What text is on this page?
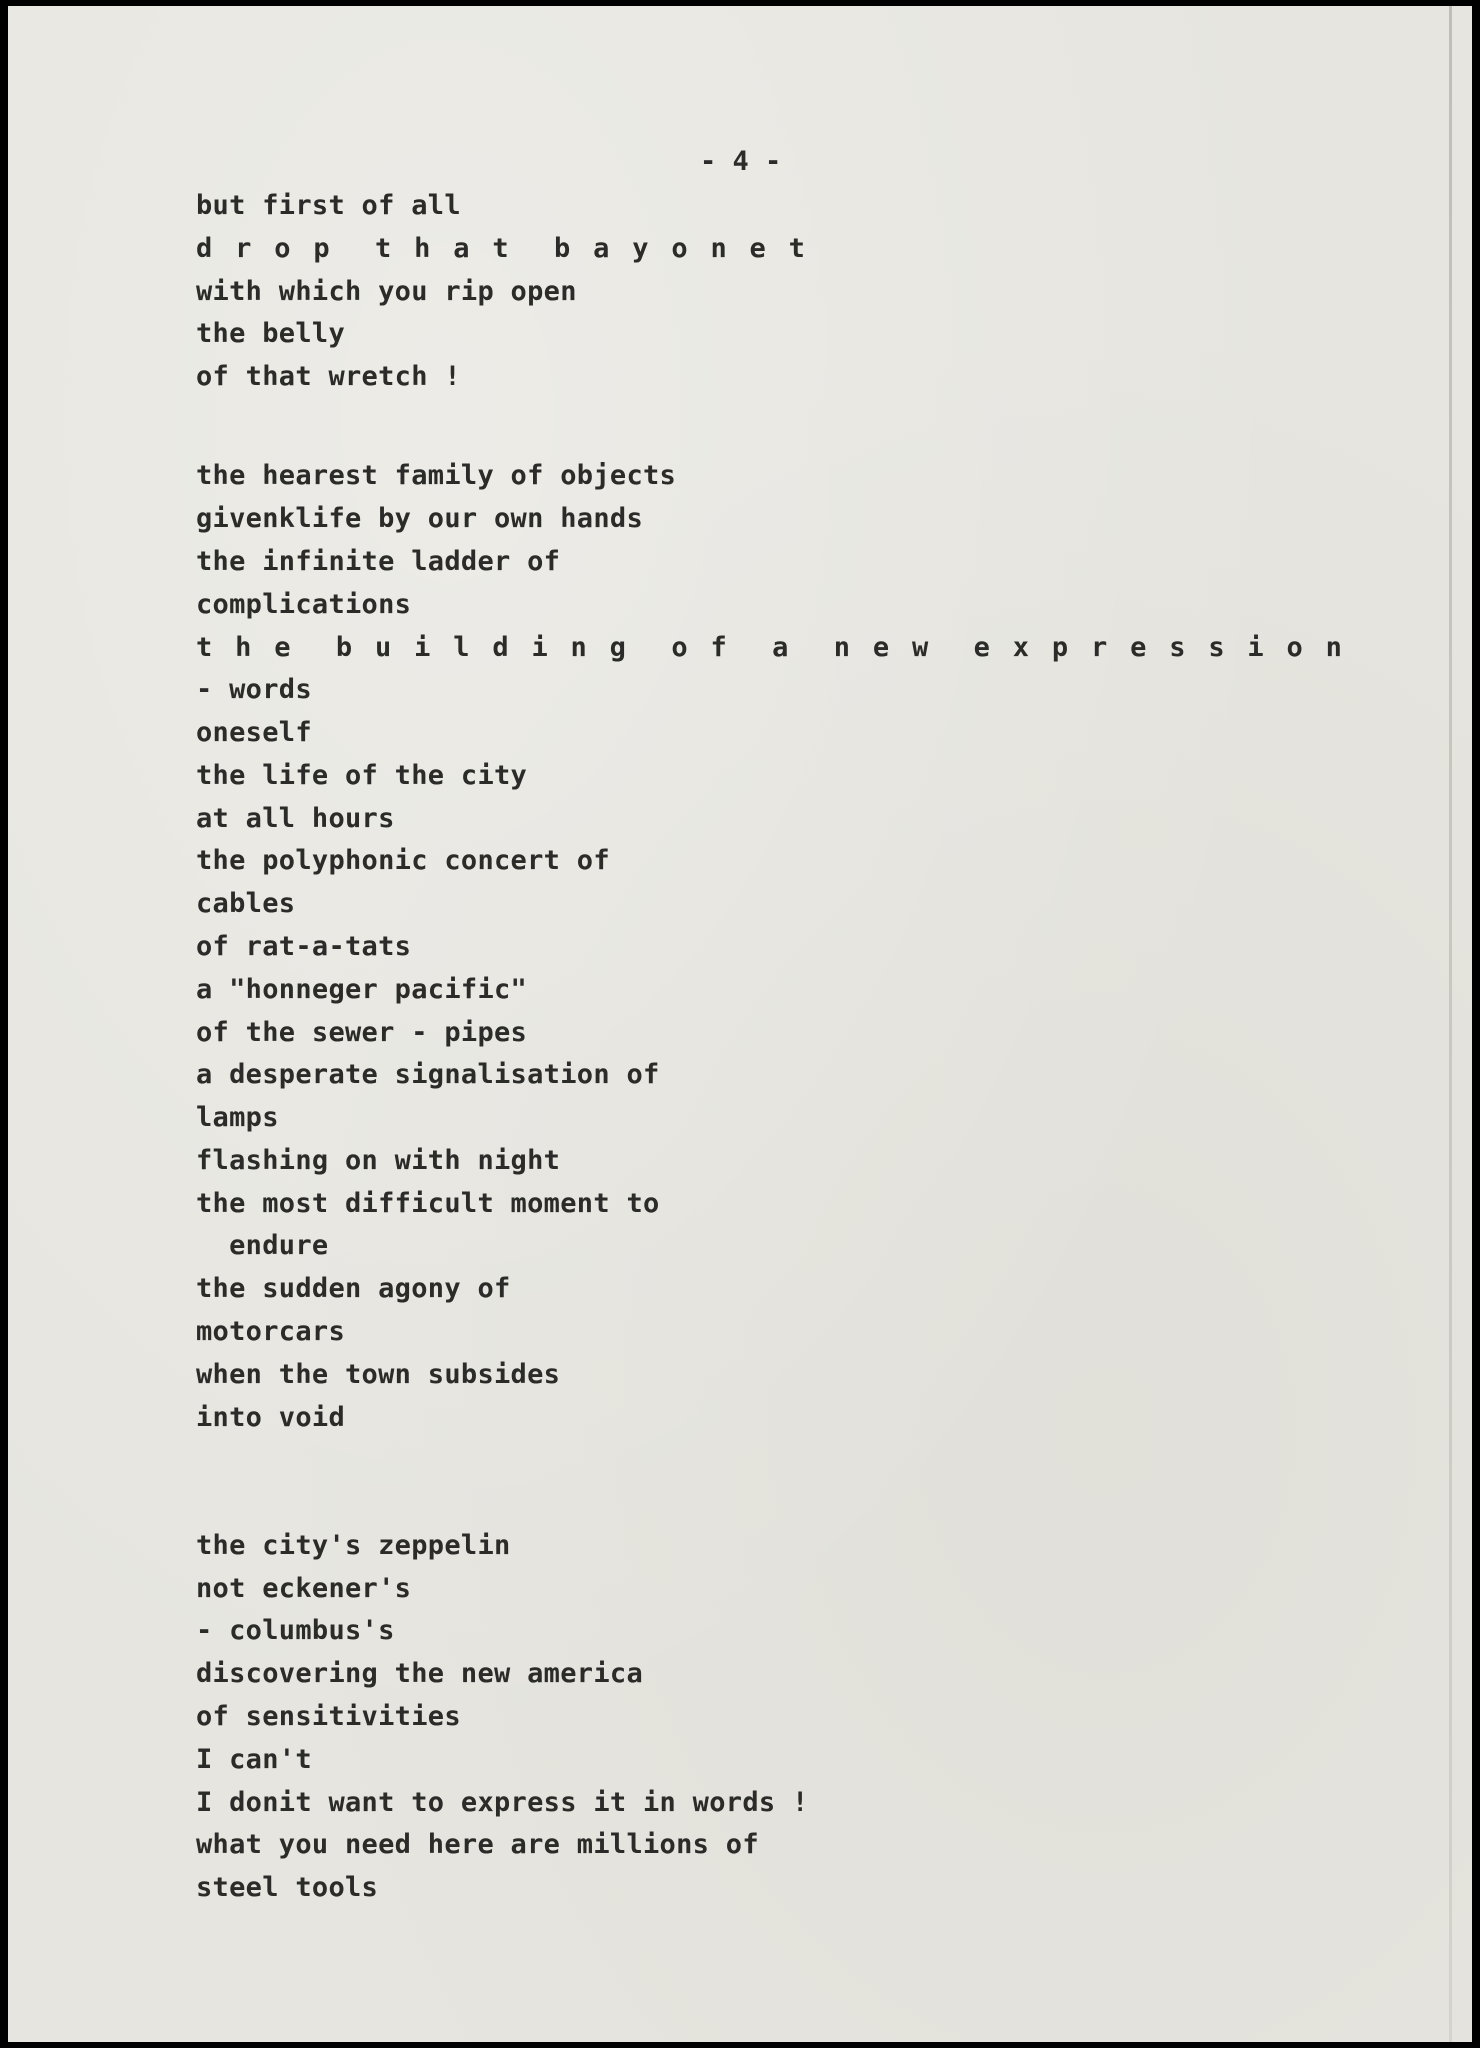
- 4 -
but first of all
d r o p  t h a t  b a y o n e t
with which you rip open
the belly
of that wretch !
the hearest family of objects
givenklife by our own hands
the infinite ladder of
complications
t h e  b u i l d i n g  o f  a  n e w  e x p r e s s i o n
- words
oneself
the life of the city
at all hours
the polyphonic concert of
cables
of rat-a-tats
a "honneger pacific"
of the sewer - pipes
a desperate signalisation of
lamps
flashing on with night
the most difficult moment to
endure
the sudden agony of
motorcars
when the town subsides
into void
the city's zeppelin
not eckener's
- columbus's
discovering the new america
of sensitivities
I can't
I donit want to express it in words !
what you need here are millions of
steel tools
